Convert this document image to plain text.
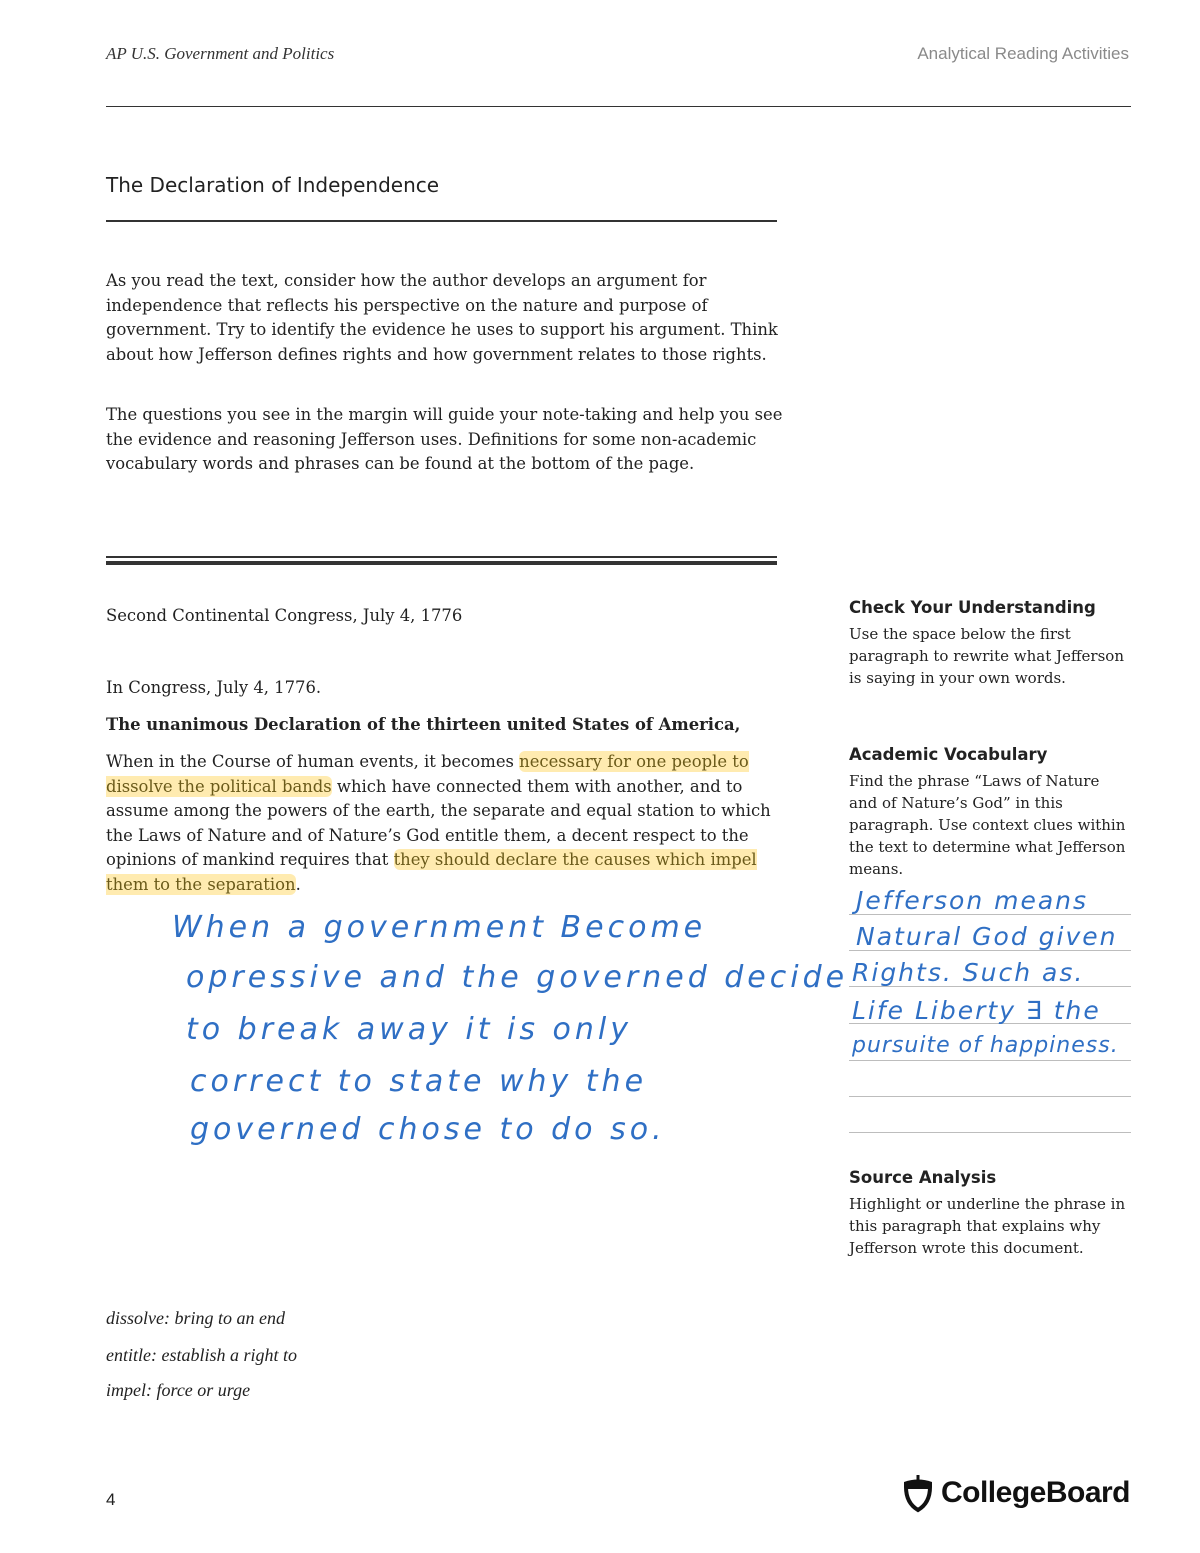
AP U.S. Government and Politics	Analytical Reading Activities
The Declaration of Independence

As you read the text, consider how the author develops an argument for independence that reflects his perspective on the nature and purpose of government. Try to identify the evidence he uses to support his argument. Think about how Jefferson defines rights and how government relates to those rights.

The questions you see in the margin will guide your note-taking and help you see the evidence and reasoning Jefferson uses. Definitions for some non-academic vocabulary words and phrases can be found at the bottom of the page.

Second Continental Congress, July 4, 1776
In Congress, July 4, 1776.
The unanimous Declaration of the thirteen united States of America,

When in the Course of human events, it becomes necessary for one people to dissolve the political bands which have connected them with another, and to assume among the powers of the earth, the separate and equal station to which the Laws of Nature and of Nature’s God entitle them, a decent respect to the opinions of mankind requires that they should declare the causes which impel them to the separation.

When a government Become
opressive and the governed decide
to break away it is only
correct to state why the
governed chose to do so.
Check Your Understanding

Use the space below the first paragraph to rewrite what Jefferson is saying in your own words.

Academic Vocabulary

Find the phrase “Laws of Nature and of Nature’s God” in this paragraph. Use context clues within the text to determine what Jefferson means.

Jefferson means
Natural God given
Rights. Such as.
Life Liberty ∃ the
pursuite of happiness.
Source Analysis

Highlight or underline the phrase in this paragraph that explains why Jefferson wrote this document.

dissolve: bring to an end
entitle: establish a right to
impel: force or urge
4	CollegeBoard
